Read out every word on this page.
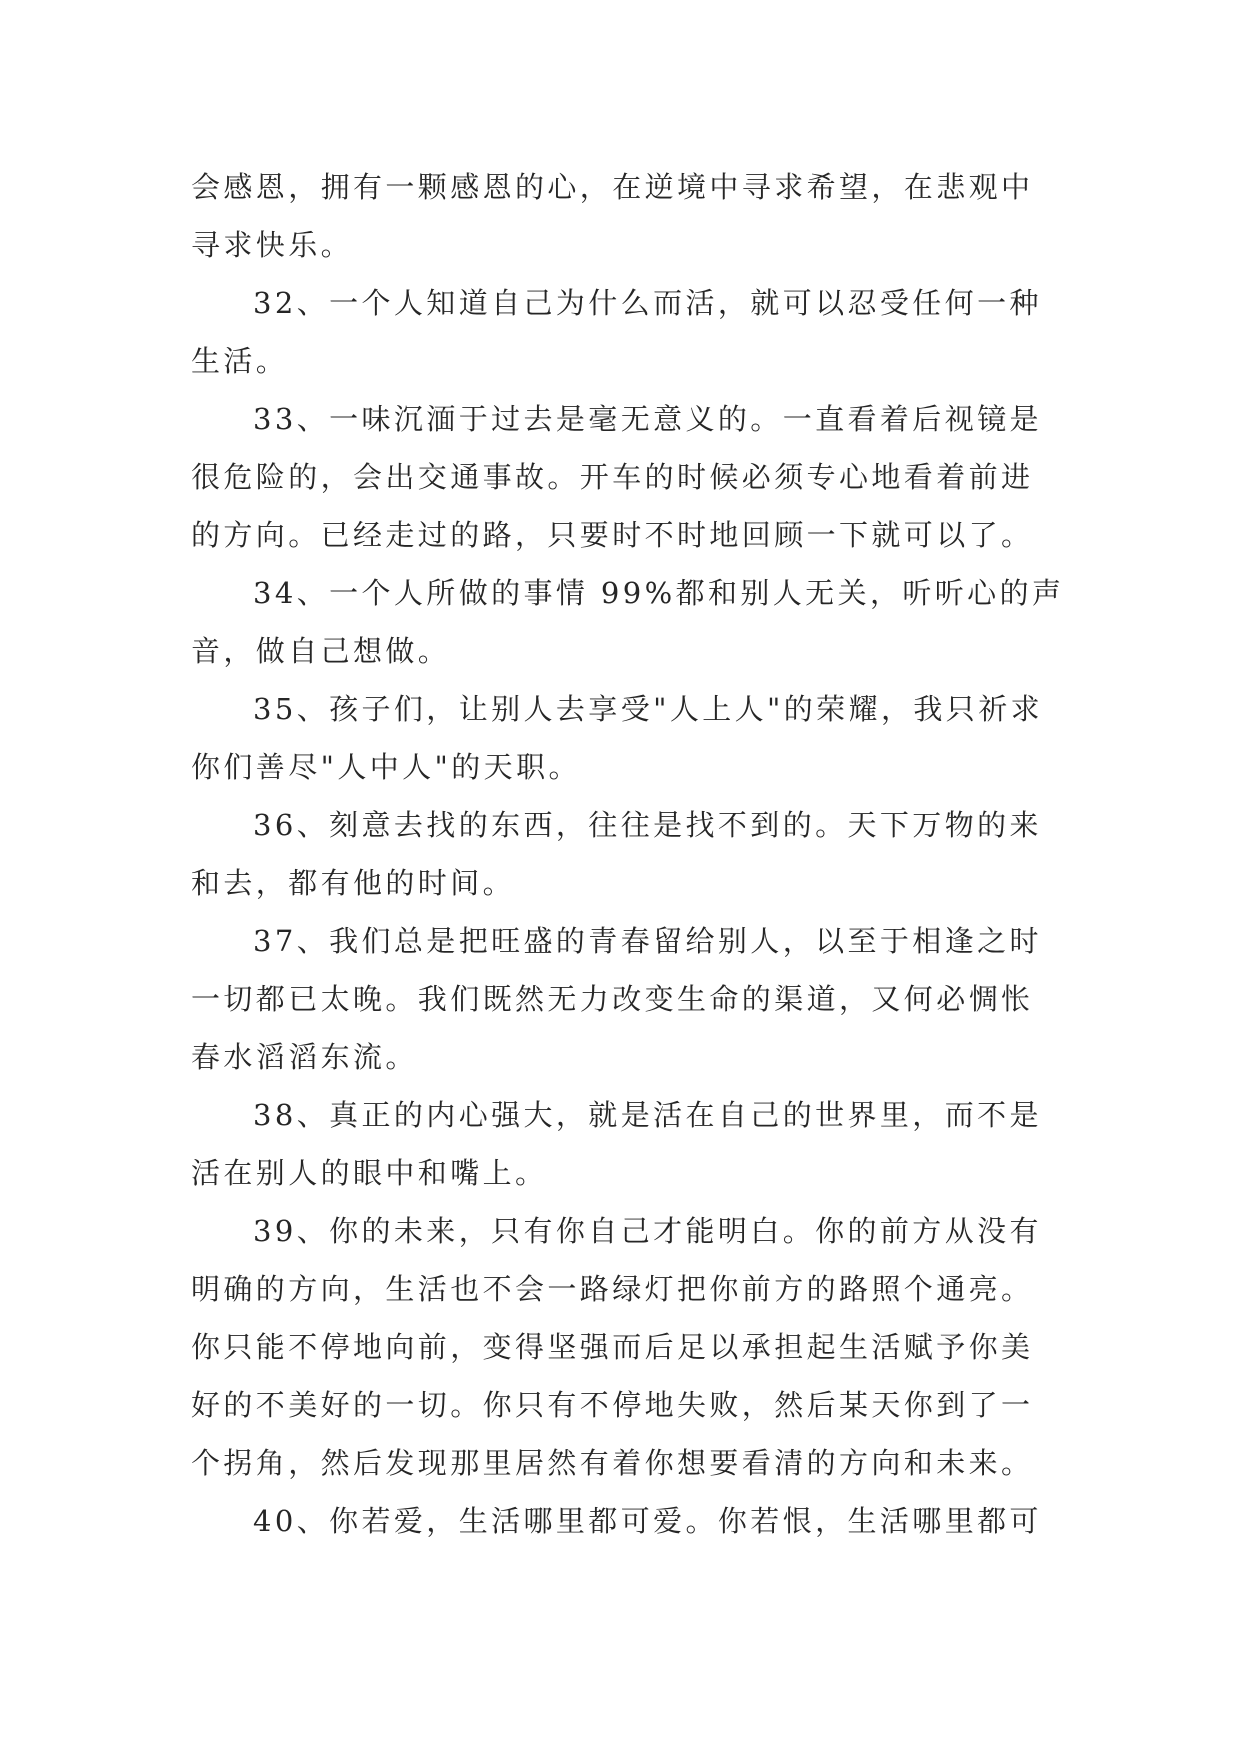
会感恩，拥有一颗感恩的心，在逆境中寻求希望，在悲观中
寻求快乐。

32、一个人知道自己为什么而活，就可以忍受任何一种
生活。

33、一味沉湎于过去是毫无意义的。一直看着后视镜是
很危险的，会出交通事故。开车的时候必须专心地看着前进
的方向。已经走过的路，只要时不时地回顾一下就可以了。

34、一个人所做的事情 99%都和别人无关，听听心的声
音，做自己想做。

35、孩子们，让别人去享受"人上人"的荣耀，我只祈求
你们善尽"人中人"的天职。

36、刻意去找的东西，往往是找不到的。天下万物的来
和去，都有他的时间。

37、我们总是把旺盛的青春留给别人，以至于相逢之时
一切都已太晚。我们既然无力改变生命的渠道，又何必惆怅
春水滔滔东流。

38、真正的内心强大，就是活在自己的世界里，而不是
活在别人的眼中和嘴上。

39、你的未来，只有你自己才能明白。你的前方从没有
明确的方向，生活也不会一路绿灯把你前方的路照个通亮。
你只能不停地向前，变得坚强而后足以承担起生活赋予你美
好的不美好的一切。你只有不停地失败，然后某天你到了一
个拐角，然后发现那里居然有着你想要看清的方向和未来。

40、你若爱，生活哪里都可爱。你若恨，生活哪里都可
